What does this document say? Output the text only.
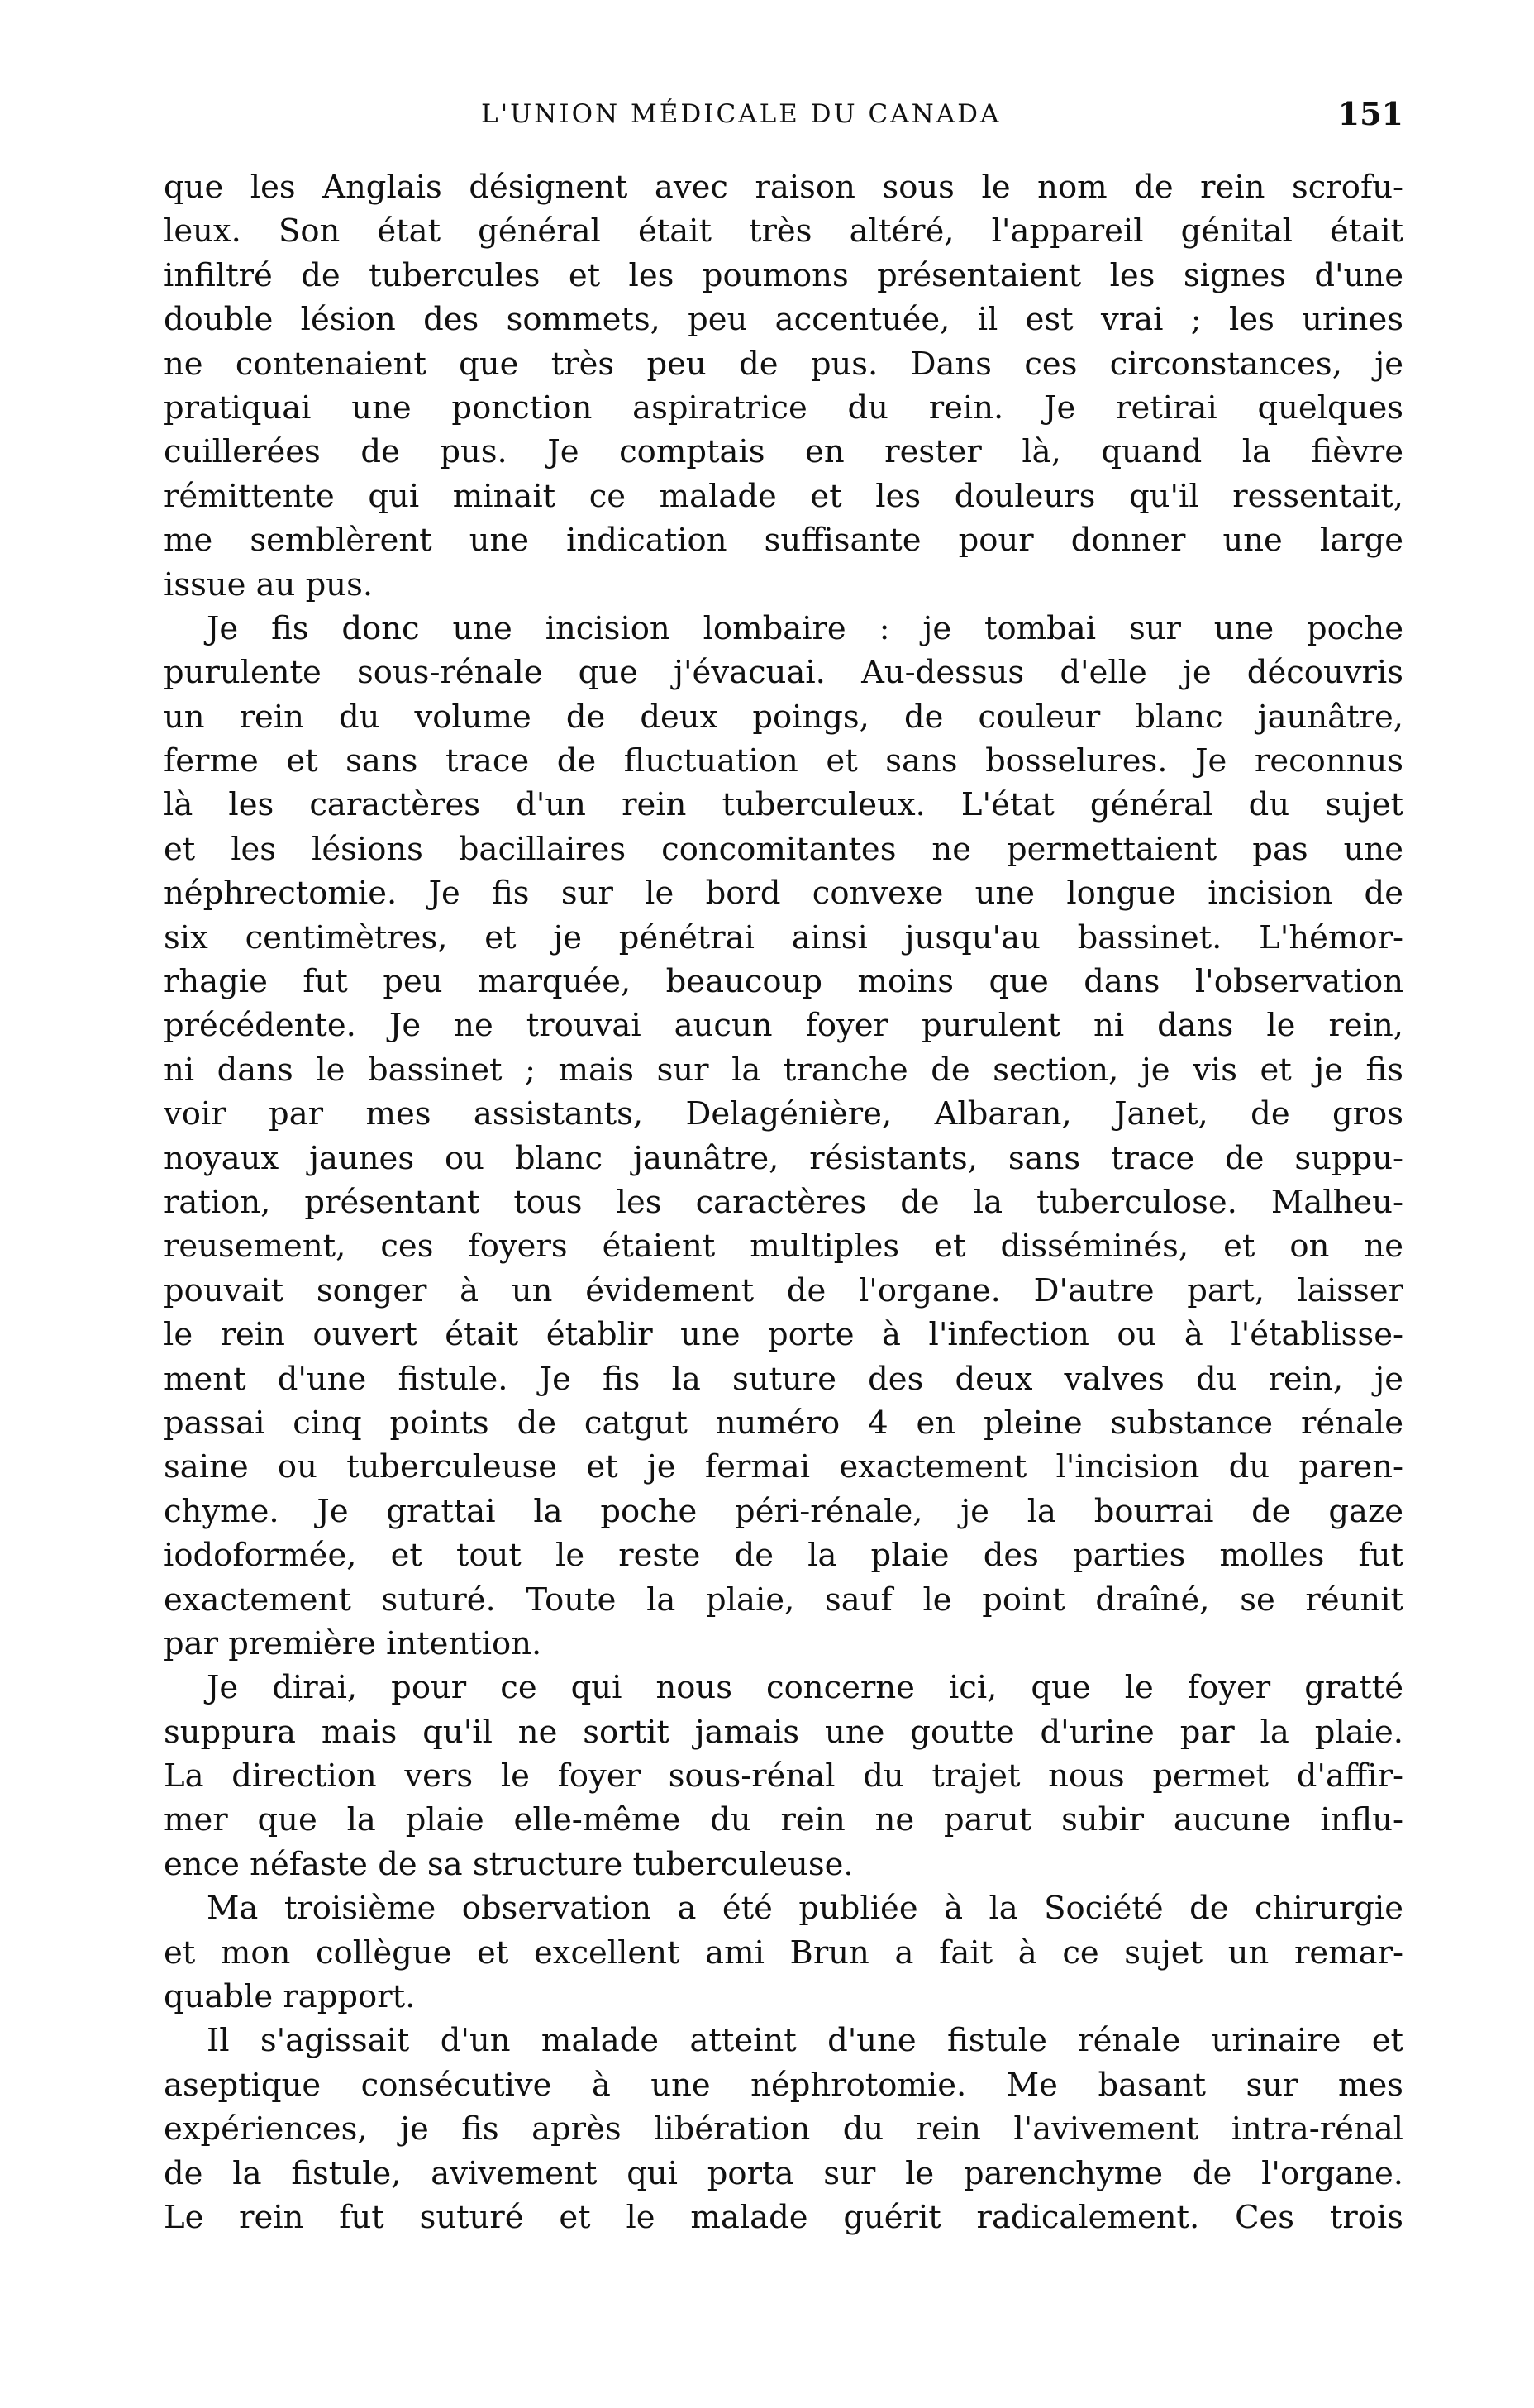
L'UNION MÉDICALE DU CANADA	151
que les Anglais désignent avec raison sous le nom de rein scrofu-
leux. Son état général était très altéré, l'appareil génital était
infiltré de tubercules et les poumons présentaient les signes d'une
double lésion des sommets, peu accentuée, il est vrai ; les urines
ne contenaient que très peu de pus. Dans ces circonstances, je
pratiquai une ponction aspiratrice du rein. Je retirai quelques
cuillerées de pus. Je comptais en rester là, quand la fièvre
rémittente qui minait ce malade et les douleurs qu'il ressentait,
me semblèrent une indication suffisante pour donner une large
issue au pus.
Je fis donc une incision lombaire : je tombai sur une poche
purulente sous-rénale que j'évacuai. Au-dessus d'elle je découvris
un rein du volume de deux poings, de couleur blanc jaunâtre,
ferme et sans trace de fluctuation et sans bosselures. Je reconnus
là les caractères d'un rein tuberculeux. L'état général du sujet
et les lésions bacillaires concomitantes ne permettaient pas une
néphrectomie. Je fis sur le bord convexe une longue incision de
six centimètres, et je pénétrai ainsi jusqu'au bassinet. L'hémor-
rhagie fut peu marquée, beaucoup moins que dans l'observation
précédente. Je ne trouvai aucun foyer purulent ni dans le rein,
ni dans le bassinet ; mais sur la tranche de section, je vis et je fis
voir par mes assistants, Delagénière, Albaran, Janet, de gros
noyaux jaunes ou blanc jaunâtre, résistants, sans trace de suppu-
ration, présentant tous les caractères de la tuberculose. Malheu-
reusement, ces foyers étaient multiples et disséminés, et on ne
pouvait songer à un évidement de l'organe. D'autre part, laisser
le rein ouvert était établir une porte à l'infection ou à l'établisse-
ment d'une fistule. Je fis la suture des deux valves du rein, je
passai cinq points de catgut numéro 4 en pleine substance rénale
saine ou tuberculeuse et je fermai exactement l'incision du paren-
chyme. Je grattai la poche péri-rénale, je la bourrai de gaze
iodoformée, et tout le reste de la plaie des parties molles fut
exactement suturé. Toute la plaie, sauf le point draîné, se réunit
par première intention.
Je dirai, pour ce qui nous concerne ici, que le foyer gratté
suppura mais qu'il ne sortit jamais une goutte d'urine par la plaie.
La direction vers le foyer sous-rénal du trajet nous permet d'affir-
mer que la plaie elle-même du rein ne parut subir aucune influ-
ence néfaste de sa structure tuberculeuse.
Ma troisième observation a été publiée à la Société de chirurgie
et mon collègue et excellent ami Brun a fait à ce sujet un remar-
quable rapport.
Il s'agissait d'un malade atteint d'une fistule rénale urinaire et
aseptique consécutive à une néphrotomie. Me basant sur mes
expériences, je fis après libération du rein l'avivement intra-rénal
de la fistule, avivement qui porta sur le parenchyme de l'organe.
Le rein fut suturé et le malade guérit radicalement. Ces trois
